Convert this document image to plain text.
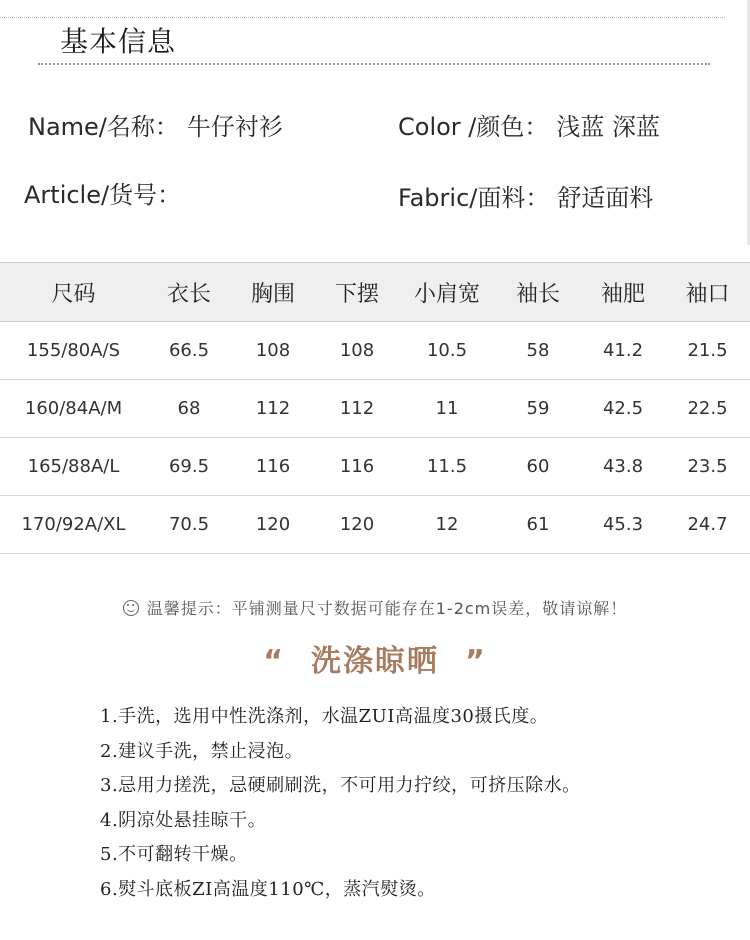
基本信息
Name/名称： 牛仔衬衫	Color /颜色： 浅蓝 深蓝
Article/货号：	Fabric/面料： 舒适面料
尺码	衣长	胸围	下摆	小肩宽	袖长	袖肥	袖口
155/80A/S	66.5	108	108	10.5	58	41.2	21.5
160/84A/M	68	112	112	11	59	42.5	22.5
165/88A/L	69.5	116	116	11.5	60	43.8	23.5
170/92A/XL	70.5	120	120	12	61	45.3	24.7
温馨提示：平铺测量尺寸数据可能存在1-2cm误差，敬请谅解！
“ 洗涤晾晒 ”
1.手洗，选用中性洗涤剂，水温ZUI高温度30摄氏度。
2.建议手洗，禁止浸泡。
3.忌用力搓洗，忌硬刷刷洗，不可用力拧绞，可挤压除水。
4.阴凉处悬挂晾干。
5.不可翻转干燥。
6.熨斗底板ZI高温度110℃，蒸汽熨烫。
